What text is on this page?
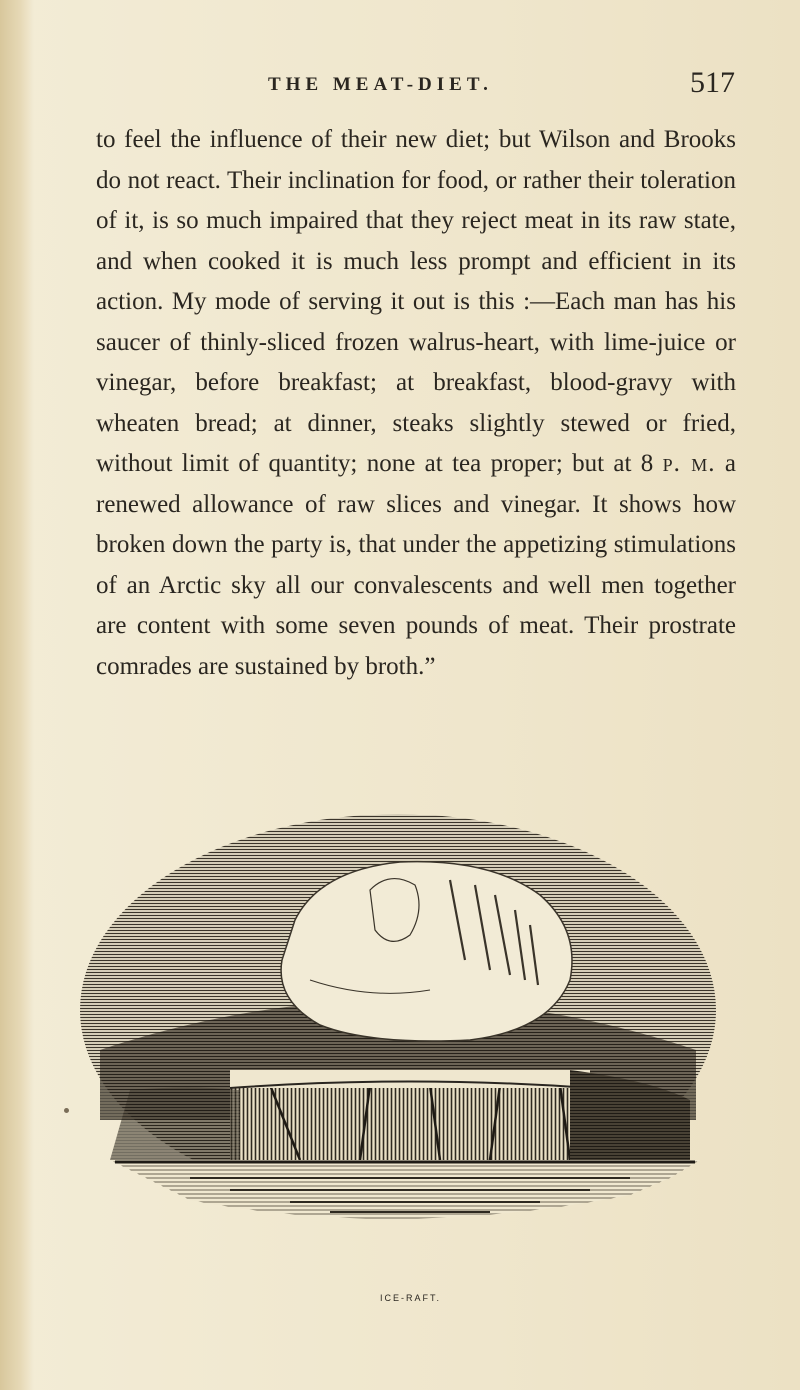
THE MEAT-DIET.	517

to feel the influence of their new diet; but Wilson and Brooks do not react. Their inclination for food, or rather their toleration of it, is so much impaired that they reject meat in its raw state, and when cooked it is much less prompt and efficient in its action. My mode of serving it out is this :—Each man has his saucer of thinly-sliced frozen walrus-heart, with lime-juice or vinegar, before breakfast; at breakfast, blood-gravy with wheaten bread; at dinner, steaks slightly stewed or fried, without limit of quantity; none at tea proper; but at 8 p. m. a renewed allowance of raw slices and vinegar. It shows how broken down the party is, that under the appetizing stimulations of an Arctic sky all our convalescents and well men together are content with some seven pounds of meat. Their prostrate comrades are sustained by broth.”

ICE-RAFT.
